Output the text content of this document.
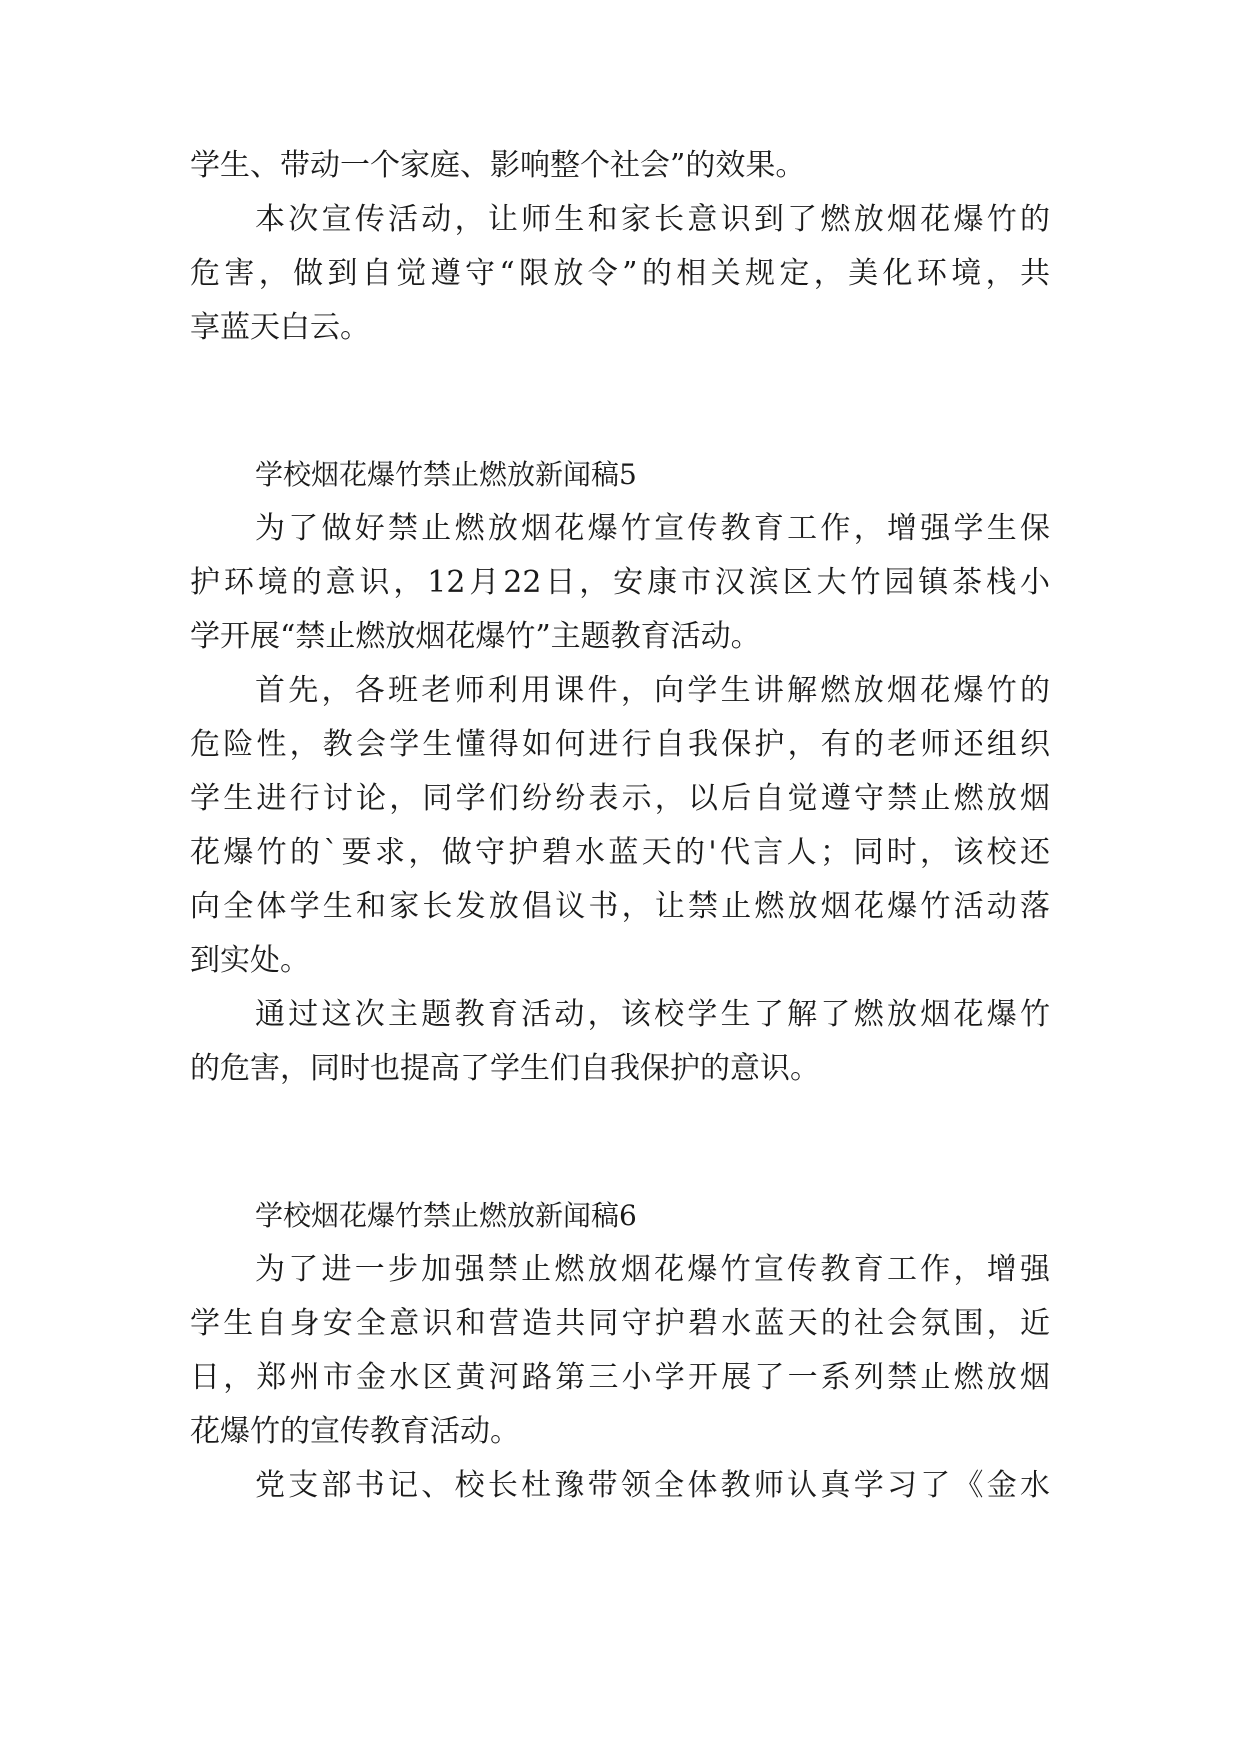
学生、带动一个家庭、影响整个社会”的效果。
本次宣传活动，让师生和家长意识到了燃放烟花爆竹的
危害，做到自觉遵守“限放令”的相关规定，美化环境，共
享蓝天白云。
学校烟花爆竹禁止燃放新闻稿5
为了做好禁止燃放烟花爆竹宣传教育工作，增强学生保
护环境的意识，12月22日，安康市汉滨区大竹园镇茶栈小
学开展“禁止燃放烟花爆竹”主题教育活动。
首先，各班老师利用课件，向学生讲解燃放烟花爆竹的
危险性，教会学生懂得如何进行自我保护，有的老师还组织
学生进行讨论，同学们纷纷表示，以后自觉遵守禁止燃放烟
花爆竹的`要求，做守护碧水蓝天的'代言人；同时，该校还
向全体学生和家长发放倡议书，让禁止燃放烟花爆竹活动落
到实处。
通过这次主题教育活动，该校学生了解了燃放烟花爆竹
的危害，同时也提高了学生们自我保护的意识。
学校烟花爆竹禁止燃放新闻稿6
为了进一步加强禁止燃放烟花爆竹宣传教育工作，增强
学生自身安全意识和营造共同守护碧水蓝天的社会氛围，近
日，郑州市金水区黄河路第三小学开展了一系列禁止燃放烟
花爆竹的宣传教育活动。
党支部书记、校长杜豫带领全体教师认真学习了《金水
